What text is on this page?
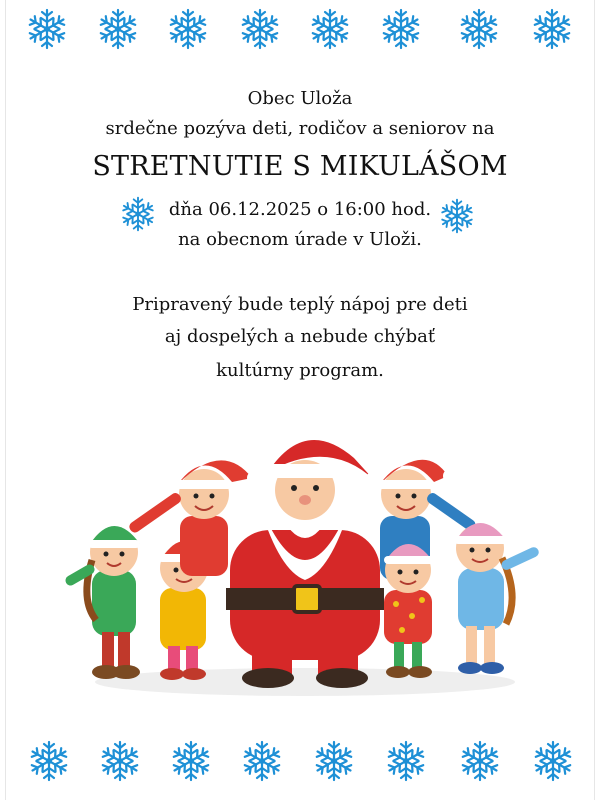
Obec Uloža
srdečne pozýva deti, rodičov a seniorov na
STRETNUTIE S MIKULÁŠOM
dňa 06.12.2025 o 16:00 hod.
na obecnom úrade v Uloži.
Pripravený bude teplý nápoj pre deti
aj dospelých a nebude chýbať
kultúrny program.
